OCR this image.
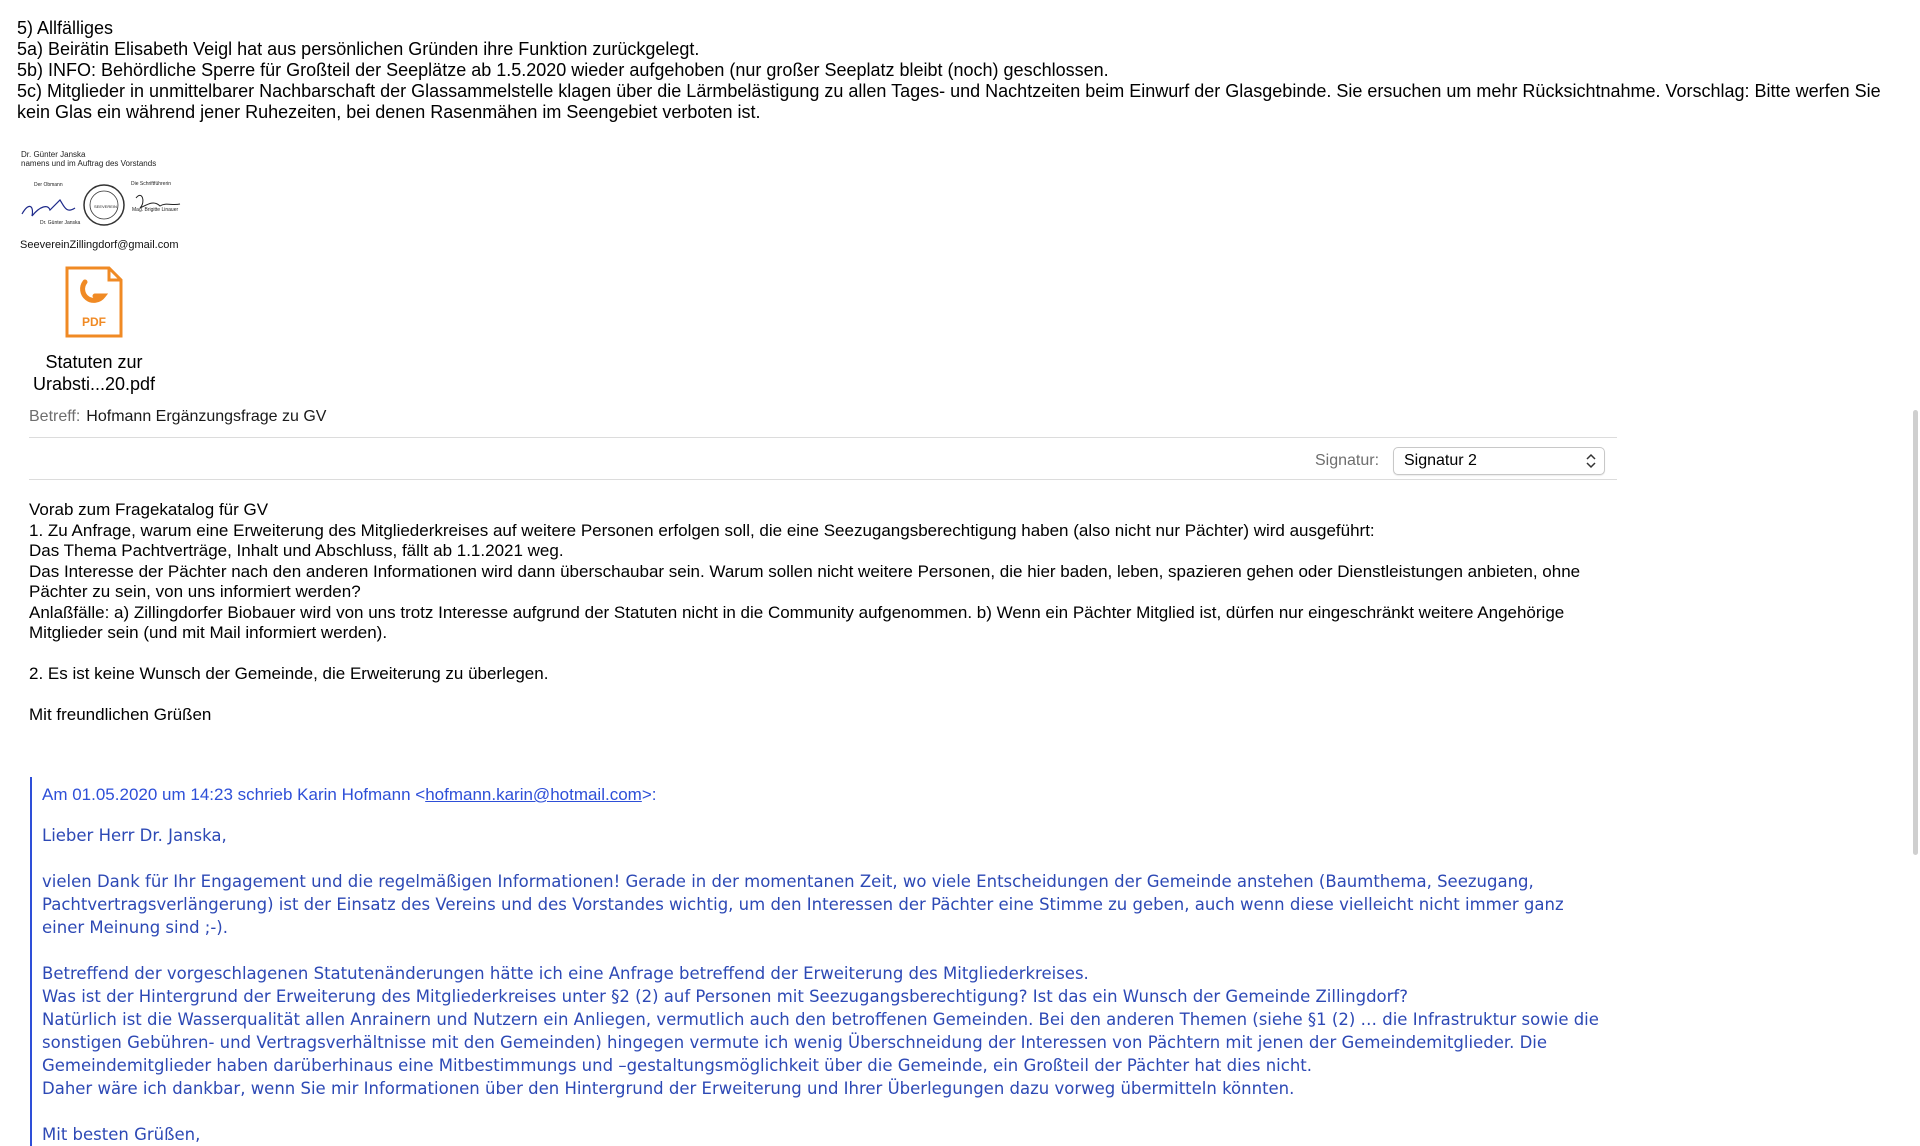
5) Allfälliges
5a) Beirätin Elisabeth Veigl hat aus persönlichen Gründen ihre Funktion zurückgelegt.
5b) INFO: Behördliche Sperre für Großteil der Seeplätze ab 1.5.2020 wieder aufgehoben (nur großer Seeplatz bleibt (noch) geschlossen.
5c) Mitglieder in unmittelbarer Nachbarschaft der Glassammelstelle klagen über die Lärmbelästigung zu allen Tages- und Nachtzeiten beim Einwurf der Glasgebinde. Sie ersuchen um mehr Rücksichtnahme. Vorschlag: Bitte werfen Sie kein Glas ein während jener Ruhezeiten, bei denen Rasenmähen im Seengebiet verboten ist.
Dr. Günter Janska
namens und im Auftrag des Vorstands
Der Obmann	Die Schriftführerin
SEEVEREIN
Dr. Günter Janska
Mag. Brigitte Linauer
SeevereinZillingdorf@gmail.com
PDF
Statuten zur
Urabsti...20.pdf
Betreff: Hofmann Ergänzungsfrage zu GV
Signatur: Signatur 2

Vorab zum Fragekatalog für GV

1. Zu Anfrage, warum eine Erweiterung des Mitgliederkreises auf weitere Personen erfolgen soll, die eine Seezugangsberechtigung haben (also nicht nur Pächter) wird ausgeführt:

Das Thema Pachtverträge, Inhalt und Abschluss, fällt ab 1.1.2021 weg.

Das Interesse der Pächter nach den anderen Informationen wird dann überschaubar sein. Warum sollen nicht weitere Personen, die hier baden, leben, spazieren gehen oder Dienstleistungen anbieten, ohne Pächter zu sein, von uns informiert werden?

Anlaßfälle: a) Zillingdorfer Biobauer wird von uns trotz Interesse aufgrund der Statuten nicht in die Community aufgenommen. b) Wenn ein Pächter Mitglied ist, dürfen nur eingeschränkt weitere Angehörige Mitglieder sein (und mit Mail informiert werden).

2. Es ist keine Wunsch der Gemeinde, die Erweiterung zu überlegen.

Mit freundlichen Grüßen

Am 01.05.2020 um 14:23 schrieb Karin Hofmann <hofmann.karin@hotmail.com>:

Lieber Herr Dr. Janska,

vielen Dank für Ihr Engagement und die regelmäßigen Informationen! Gerade in der momentanen Zeit, wo viele Entscheidungen der Gemeinde anstehen (Baumthema, Seezugang, Pachtvertragsverlängerung) ist der Einsatz des Vereins und des Vorstandes wichtig, um den Interessen der Pächter eine Stimme zu geben, auch wenn diese vielleicht nicht immer ganz einer Meinung sind ;-).

Betreffend der vorgeschlagenen Statutenänderungen hätte ich eine Anfrage betreffend der Erweiterung des Mitgliederkreises.

Was ist der Hintergrund der Erweiterung des Mitgliederkreises unter §2 (2) auf Personen mit Seezugangsberechtigung? Ist das ein Wunsch der Gemeinde Zillingdorf?

Natürlich ist die Wasserqualität allen Anrainern und Nutzern ein Anliegen, vermutlich auch den betroffenen Gemeinden. Bei den anderen Themen (siehe §1 (2) … die Infrastruktur sowie die sonstigen Gebühren- und Vertragsverhältnisse mit den Gemeinden) hingegen vermute ich wenig Überschneidung der Interessen von Pächtern mit jenen der Gemeindemitglieder. Die Gemeindemitglieder haben darüberhinaus eine Mitbestimmungs und –gestaltungsmöglichkeit über die Gemeinde, ein Großteil der Pächter hat dies nicht.

Daher wäre ich dankbar, wenn Sie mir Informationen über den Hintergrund der Erweiterung und Ihrer Überlegungen dazu vorweg übermitteln könnten.

Mit besten Grüßen,
